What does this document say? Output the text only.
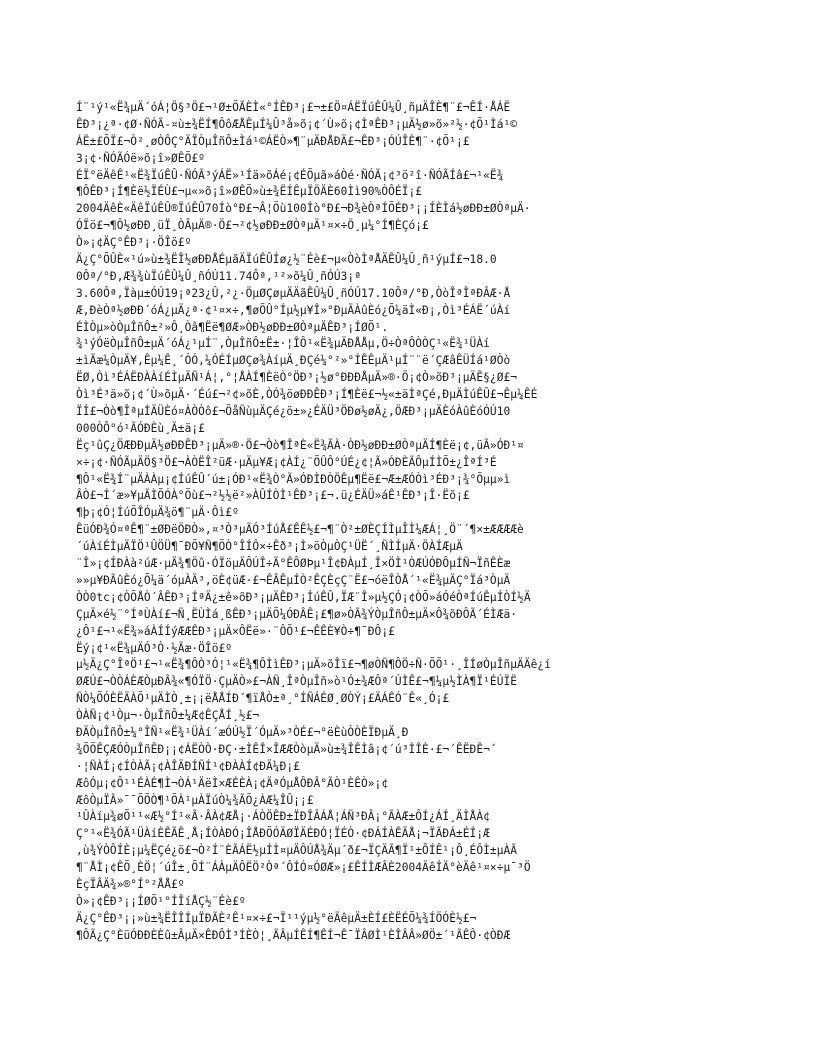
Í¨¹ý¹«Ë¾µÄ´óÁ¦Ö§³Ö£¬¹Ø±ÕÃÈÌ«°ÍÊÐ³¡£¬±£Ö¤ÁËÏúÊÛ¼Û¸ñµÄÎÈ¶¨£¬ÊÍ·ÅÁË
ÊÐ³¡¿ª·¢Ø·ÑÓÃ-¤ù±¾ËÍ¶ÔôÆÅÊµÍ¼Û³å»õ¡¢´Ù»õ¡¢ÌªÊÐ³¡µÄ½ø»õ»²½·¢Õ¹Ìá¹©
ÁË±£ÕÏ£¬Ò²¸øÒÔÇ°ÄÏÒµÎñÔ±Ìá¹©ÁËÒ»¶¨µÄÐÅÐÄ£¬ÊÐ³¡ÓÚÎÈ¶¨·¢Õ¹¡£
3¡¢·ÑÓÃÓë»õ¡î»ØÊÕ£º
ÉÏ°ëÄêÊ¹«Ë¾ÏúÊÛ·ÑÓÃ³ýÁË»¹Íä»õÁé¡¢ÉÕµã»áÒé·ÑÓÃ¡¢³ö²î·ÑÓÃÍâ£¬¹«Ë¾
¶ÔÊÐ³¡Í¶Èë½ÏÉÙ£¬µ«»õ¡î»ØÊÕ»ù±¾ËÍÊµÏÖÄÈ60Ìì90%ÒÔÉÏ¡£
2004ÄêÈ«ÄêÏúÊÛ®ÏúÊÛ70Íò°Ð£¬Â¦Õù100Íò°Ð£¬Ð¾èÒªÍÕÉÐ³¡¡ÍÈÌá½øÐÐ±ØÒªµÄ·
ÓÏö£¬¶Ô½øÐÐ¸üÏ¸ÒÂµÄ®·Ö£¬²¢½øÐÐ±ØÒªµÄ¹¤×÷Ö¸µ¼°Í¶ÈÇó¡£
Ò»¡¢ÄÇ°ÊÐ³¡·ÖÎö£º
Ä¿Ç°ÕÛÈ«¹ú»ù±¾ËÎ½øÐÐÅÉµãÄÏúÊÛÍø¿½¨Éè£¬µ«ÒòÌªÅÄÊÛ¼Û¸ñ¹ýµÍ£¬18.0
0Ôª/°Ð,Æ¾¾ùÏúÊÛ¼Û¸ñÓÚ11.74Ôª,¹²»õ¼Û¸ñÓÚ3¡ª
3.60Ôª,Ïàµ±ÓÚ19¡ª23¿Û,²¿·ÖµØÇøµÄÄãÊÛ¼Û¸ñÓÚ17.10Ôª/°Ð,ÒòÎªÎªÐÂÆ·Å
Æ,ÐèÒª½øÐÐ´óÁ¿µÄ¿ª·¢¹¤×÷,¶øÕÛ°Íµ½µ¥Î»°ÐµÄÀûÈó¿Õ¼äÌ«Ð¡,Òì³ÉÁË´úÀí
ÉÌÒµ»òÒµÎñÔ±²»Ô¸Òâ¶Ëë¶ØÆ»ÒÐ½øÐÐ±ØÒªµÄÊÐ³¡ÍØÕ¹.
¾¹ýÓëÒµÎñÔ±µÄ´óÁ¿¹µÍ¨,ÒµÎñÔ±Ë±·¦ÎÔ¹«Ë¾µÄÐÅÅµ,Ö÷ÒªÔÒÒÇ¹«Ë¾¹ÜÀí
±ìÃæ¼ÒµÄ¥,Êµ¼Ê¸´ÓÓ,¼ÓÉÍµØÇø¾ÀíµÄ¸ÐÇé¼°²»°ÍÊÊµÄ¹µÍ¨¨ë´ÇÆâÊÜÍá¹ØÒò
ËØ,Òì³ÉÁËÐÀÀíÉÌµÄÑ¹Á¦,°¦ÅÀÍ¶ÈëÒ°ÖÐ³¡½ø°ÐÐÐÅµÄ»®·Ö¡¢Ò»õÐ³¡µÄÊ§¿Ø£¬
Òì³É³ä»õ¡¢´Ù»õµÄ·´Éú£¬²¢»õÈ,ÒÓ¾öøÐÐÊÐ³¡Í¶Èë£¬½«±äÌªÇé,ÐµÄÌúÊÛ£¬Êµ¼ÊÉ
ÏÍ£¬Òò¶ÎªµÍÄÜÈó¤ÀÒÒô£¬ÕåÑùµÄÇé¿ö±»¿ÉÄÜ³ÖÐø½øÄ¿,ÖÆÐ³¡µÄÈóÀûÈóÓÚ10
000ÒÔ°ó¹ÃÓÐÈù¸Ä±ä¡£
Ëç¹ûÇ¿ÖÆÐÐµÄ½øÐÐÊÐ³¡µÄ»®·Ö£¬Òò¶ÎªÈ«Ë¾ÃÀ·ÒÐ½øÐÐ±ØÒªµÄÍ¶Èë¡¢,üÃ»ÓÐ¹¤
×÷¡¢·ÑÓÃµÄÖ§³Ö£¬ÀÒËÎ²üÆ·µÄµ¥Æ¡¢ÀÍ¿¨ÕÛÔ°ÚÉ¿¢¦Ã»ÓÐÈÃÔµÍÌÕ±¿ÎªÍ³É
¶Ô¹«Ë¾Í¨µÄÀÀµ¡¢ÍúÊÛ´ú±¡ÓÐ¹«Ë¾Ò°Ã»ÓÐÌÐÒÖÊµ¶Ëë£¬Æ±ÆÓÒì³ÉÐ³¡¾°Õµµ»ì
ÂÒ£¬Í´æ»¥µÃÌÕÓÀ°Õù£¬²½½ë²»ÀÛÍÒÌ¹ÊÐ³¡£¬.ü¿ÉÄÜ»áÊ¹ÊÐ³¡Î·Ëõ¡£
¶þ¡¢Ó¦ÍúÕÎÓµÄ¾ö¶¨µÄ·Ôì£º
ÊüÓÐ¾Ó¤ªÊ¶¨±ØÐëÖÐÒ»,¤³Ò³µÃÓ³ÍúÅ£ÊÊ½£¬¶¨Ò²±ØÈÇÍÌµÎÌ¼ÆÁ¦¸Ö¨´¶×±ÆÆÆÆè
´úÀíÉÌµÄÏÖ¹ÛÖÜ¶¯ÐÕ¥Ñ¶ÕÒ°ÎÍÔ×÷Êð³¡Ì»öÒµÒÇ¹ÜË´¸ÑÌÍµÄ·ÖÀÍÆµÄ
¨Î»¡¢ÍÐÀà²úÆ·µÄ¾¶Öû·ÓÏöµÄÔÚÎ÷Ã°ÊÔØÞµ¹Î¢ÐÀµÍ¸Î×ÖÌ¹ÒÆÚÓÐÔµÍÑ¬ÏñÊÈæ
»»µ¥ÐÃûÈó¿Õ¼ä´óµÀÄ³,öÈ¢üÆ·£¬ÊÂÊµÍÒ²ÊÇÈçÇ¨Ë£¬óëÎÒÅ´¹«Ë¾µÄÇ°Ïá³ÒµÄ
ÒÒ0tc¡¢ÒÕÅÒ´ÂÊÐ³¡ÍªÄ¿±ê»õÐ³¡µÄÊÐ³¡ÍúÊÛ,ÏÆ¨Î»µ½ÇÓ¡¢ÒÕ»áÓéÒªÍúÊµÍÒÍ½Ä
ÇµÄ×é½¨°ÍªÙÀí£¬Ñ¸ËÙÌá¸ßÊÐ³¡µÄÕ¼ÓÐÂÊ¡£¶ø»ÒÃ¾ÝÒµÎñÔ±µÄ×Ô¾õÐÔÃ´ÉÌÆä·
¿Ô¹£¬¹«Ë¾»áÀÍÍýÆÆÊÐ³¡µÄ×ÔËë»·¨ÔÕ¹£¬ÊÊÈ¥Ò÷¶¯ÐÔ¡£
Ëý¡¢¹«Ë¾µÄÓ³Ò·½Ãæ·ÖÎö£º
µ½Ä¿Ç°ÎªÖ¹£¬¹«Ë¾¶ÔÒ³Ó¦¹«Ë¾¶ÔÌìÊÐ³¡µÄ»õÎï£¬¶øÒÑ¶ÔÖ÷Ñ·ÕÕ¹·¸ÎÍøÒµÎñµÄÄê¿í
ØÆÚ£¬ÒÒÁÈÆÒµÐÂ¾«¶ÓÏÖ·ÇµÄÒ»£¬ÀÑ¸ÎªÒµÎñ»ò¹Ó±¾ÆÔª´ÚÌÊ£¬¶¼µ½ÌÀ¶Ï¹ÉÚÏË
ÑÒ¼ÕÓÈËÄÀÕ¹µÄÌÒ¸±¡¡ëÅÅÍÐ´¶ïÅÒ±ª¸°ÍÑÁÉØ¸ØÒÝ¡£ÄÁÊÓ¨Ê«¸Ó¡£
ÒÀÑ¡¢¹Òµ¬·ÒµÎñÔ±¼Æ¢ÊÇÅÍ¸½£¬
ÐÄÒµÎñÔ±¼°ÎÑ¹«Ë¾¹ÜÀí´æÓÚ½Ï´ÓµÄ»³ÒÉ£¬°ëÈùÒÒÈÏÐµÄ¸Ð
¾ÕÕÊÇÆÓÒµÎñÊÐ¡¡¢ÁËÒÒ·ÐÇ·±ÌÊÎ×ÎÆÆÒòµÄ»ù±¾ÎÊÌâ¡¢´ú³ÌÎÈ·£¬´ÊËÐÊ¬´
·¦ÑÀÍ¡¢ÍÒÀÃ¡¢ÀÎÄÐÍÑÍ¹¢ÐÀÀÍ¢ÐÄ¼Ð¡£
ÆôÓµ¡¢Ô¹¹ÉÀÉ¶Ì¬ÒÁ¹ÄëÌ×ÆÉÈÀ¡¢ÄªÓµÅÔÐÂ°ÃÒ¹ÈÊÒ»¡¢
ÆôÒµÏÂ»¯¯ÕÕÒ¶¹ÕÀ¹µÀÏúÒ¼¾ÃÕ¿ÀÆ¼ÎÛ¡¡£
¹ÛÀíµ¾øÕ¹¹«Æ½°Í¹«Ã·ÂÀ¢ÆÅ¡·ÁÒÖÊÐ±ÏÐÎÂÁÅ¦ÁÑ³ÐÂ¡°ÃÀÆ±ÔÍ¿ÁÍ¸ÄÌÅÀ¢
Ç°¹«Ë¾ÓÃ¹ÜÀíÈÊÃÊ¸Å¡ÍÒÀÐÓ¡ÎÅÐÕÓÄØÏÄÉÐÓ¦ÏÉÒ·¢ÐÁÍÀÊÄÅ¡¬ÏÃÐÁ±ÉÍ¡Æ
,ù¾ÝÒÔÍÈ¡µ¼ËÇé¿ö£¬Ò²Í¨ÈÃÁË½µÍÌ¤µÄÔÚÅ¾Äµ´ð£¬ÏÇÄÃ¶Ï¹±ÔÍÊ¹¡Ô¸ÉÔÌ±µÀÃ
¶¨ÅÌ¡¢ÊÕ¸ÈÖ¦´úÎ±¸ÕÍ¨ÁÀµÄÔËÖ²Òª´ÔÍÓ¤ÓØÆ»¡£ÊÍÌÆÂÈ2004ÄêÍÄ°èÄê¹¤×÷µ¯³Ö
ÈçÏÂÄ¾»®°Í°²ÅÅ£º
Ò»¡¢ÊÐ³¡¡ÍØÕ¹°ÍÎíÅÇ½¨Éè£º
Ä¿Ç°ÊÐ³¡¡»ù±¾ËÎÎÍµÏÐÃÈ²Ê¹¤×÷£¬Ï¹¹ýµ½°ëÄêµÄ±ÈÍ£ÈËÉÕ¼¾ÍÖÓÈ½£¬
¶ÔÃ¿Ç°ÈüÓÐÐÈÈû±ÂµÄ×ÊÐÔÌ³ÍÈÒ¦¸ÃÂµÍÊÍ¶ÊÍ¬Ê¯ÏÂØÌ¹ÈÎÂÂ»ØÖ±´¹ÃÊÔ·¢ÒÐÆ
